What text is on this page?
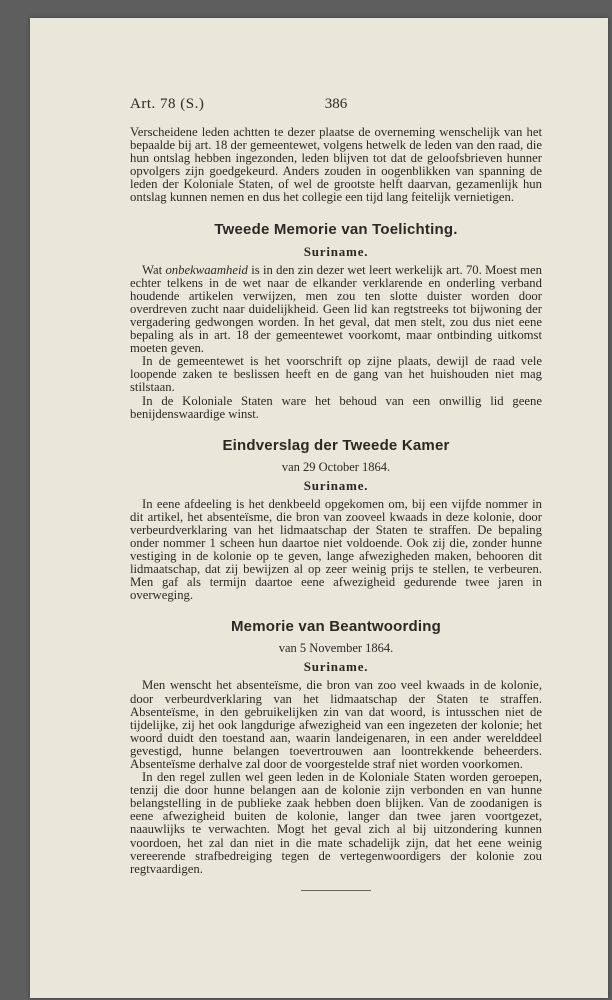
Art. 78 (S.)	386

Verscheidene leden achtten te dezer plaatse de overneming wenschelijk van het bepaalde bij art. 18 der gemeentewet, volgens hetwelk de leden van den raad, die hun ontslag hebben ingezonden, leden blijven tot dat de geloofsbrieven hunner opvolgers zijn goedgekeurd. Anders zouden in oogenblikken van spanning de leden der Koloniale Staten, of wel de grootste helft daarvan, gezamenlijk hun ontslag kunnen nemen en dus het collegie een tijd lang feitelijk vernietigen.

Tweede Memorie van Toelichting.
Suriname.

Wat onbekwaamheid is in den zin dezer wet leert werkelijk art. 70. Moest men echter telkens in de wet naar de elkander verklarende en onderling verband houdende artikelen verwijzen, men zou ten slotte duister worden door overdreven zucht naar duidelijkheid. Geen lid kan regtstreeks tot bijwoning der vergadering gedwongen worden. In het geval, dat men stelt, zou dus niet eene bepaling als in art. 18 der gemeentewet voorkomt, maar ontbinding uitkomst moeten geven.

In de gemeentewet is het voorschrift op zijne plaats, dewijl de raad vele loopende zaken te beslissen heeft en de gang van het huishouden niet mag stilstaan.

In de Koloniale Staten ware het behoud van een onwillig lid geene benijdenswaardige winst.

Eindverslag der Tweede Kamer
van 29 October 1864.
Suriname.

In eene afdeeling is het denkbeeld opgekomen om, bij een vijfde nommer in dit artikel, het absenteïsme, die bron van zooveel kwaads in deze kolonie, door verbeurdverklaring van het lidmaatschap der Staten te straffen. De bepaling onder nommer 1 scheen hun daartoe niet voldoende. Ook zij die, zonder hunne vestiging in de kolonie op te geven, lange afwezigheden maken, behooren dit lidmaatschap, dat zij bewijzen al op zeer weinig prijs te stellen, te verbeuren. Men gaf als termijn daartoe eene afwezigheid gedurende twee jaren in overweging.

Memorie van Beantwoording
van 5 November 1864.
Suriname.

Men wenscht het absenteïsme, die bron van zoo veel kwaads in de kolonie, door verbeurdverklaring van het lidmaatschap der Staten te straffen. Absenteïsme, in den gebruikelijken zin van dat woord, is intusschen niet de tijdelijke, zij het ook langdurige afwezigheid van een ingezeten der kolonie; het woord duidt den toestand aan, waarin landeigenaren, in een ander werelddeel gevestigd, hunne belangen toevertrouwen aan loontrekkende beheerders. Absenteïsme derhalve zal door de voorgestelde straf niet worden voorkomen.

In den regel zullen wel geen leden in de Koloniale Staten worden geroepen, tenzij die door hunne belangen aan de kolonie zijn verbonden en van hunne belangstelling in de publieke zaak hebben doen blijken. Van de zoodanigen is eene afwezigheid buiten de kolonie, langer dan twee jaren voortgezet, naauwlijks te verwachten. Mogt het geval zich al bij uitzondering kunnen voordoen, het zal dan niet in die mate schadelijk zijn, dat het eene weinig vereerende strafbedreiging tegen de vertegenwoordigers der kolonie zou regtvaardigen.
